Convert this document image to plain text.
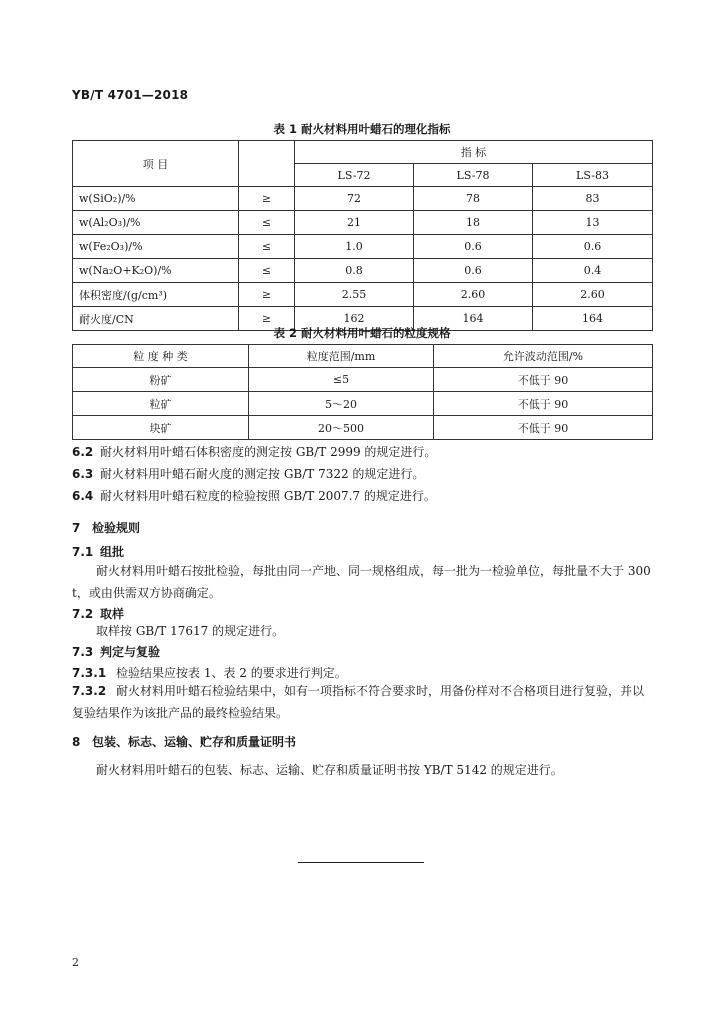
YB/T 4701—2018
表 1 耐火材料用叶蜡石的理化指标
项 目		指 标		
		LS-72	LS-78	LS-83
w(SiO₂)/%	≥	72	78	83
w(Al₂O₃)/%	≤	21	18	13
w(Fe₂O₃)/%	≤	1.0	0.6	0.6
w(Na₂O+K₂O)/%	≤	0.8	0.6	0.4
体积密度/(g/cm³)	≥	2.55	2.60	2.60
耐火度/CN	≥	162	164	164
表 2 耐火材料用叶蜡石的粒度规格
粒 度 种 类	粒度范围/mm	允许波动范围/%
粉矿	≤5	不低于 90
粒矿	5～20	不低于 90
块矿	20～500	不低于 90
6.2 耐火材料用叶蜡石体积密度的测定按 GB/T 2999 的规定进行。
6.3 耐火材料用叶蜡石耐火度的测定按 GB/T 7322 的规定进行。
6.4 耐火材料用叶蜡石粒度的检验按照 GB/T 2007.7 的规定进行。
7 检验规则
7.1 组批
耐火材料用叶蜡石按批检验，每批由同一产地、同一规格组成，每一批为一检验单位，每批量不大于 300 t，或由供需双方协商确定。
7.2 取样
取样按 GB/T 17617 的规定进行。
7.3 判定与复验
7.3.1 检验结果应按表 1、表 2 的要求进行判定。
7.3.2 耐火材料用叶蜡石检验结果中，如有一项指标不符合要求时，用备份样对不合格项目进行复验，并以复验结果作为该批产品的最终检验结果。
8 包装、标志、运输、贮存和质量证明书
耐火材料用叶蜡石的包装、标志、运输、贮存和质量证明书按 YB/T 5142 的规定进行。
2
